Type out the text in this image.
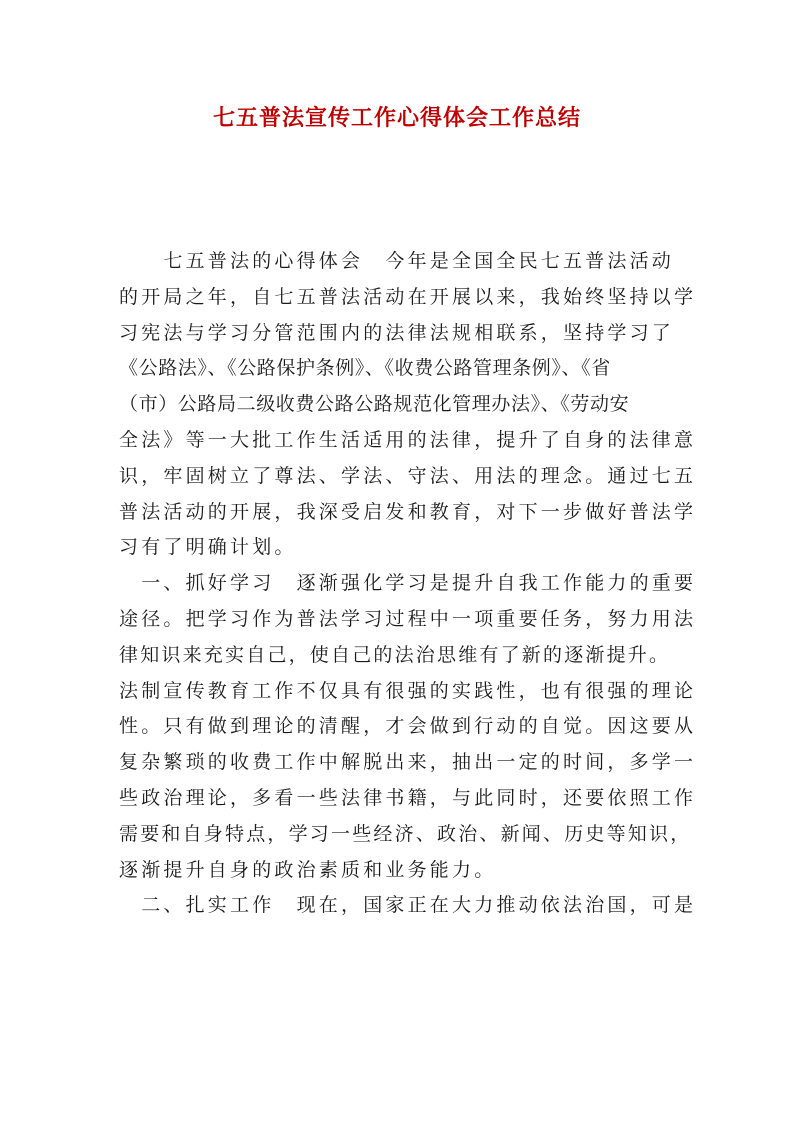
七五普法宣传工作心得体会工作总结
　　七五普法的心得体会　今年是全国全民七五普法活动
的开局之年，自七五普法活动在开展以来，我始终坚持以学
习宪法与学习分管范围内的法律法规相联系，坚持学习了
《公路法》、《公路保护条例》、《收费公路管理条例》、《省
（市）公路局二级收费公路公路规范化管理办法》、《劳动安
全法》等一大批工作生活适用的法律，提升了自身的法律意
识，牢固树立了尊法、学法、守法、用法的理念。通过七五
普法活动的开展，我深受启发和教育，对下一步做好普法学
习有了明确计划。
　一、抓好学习　逐渐强化学习是提升自我工作能力的重要
途径。把学习作为普法学习过程中一项重要任务，努力用法
律知识来充实自己，使自己的法治思维有了新的逐渐提升。
法制宣传教育工作不仅具有很强的实践性，也有很强的理论
性。只有做到理论的清醒，才会做到行动的自觉。因这要从
复杂繁琐的收费工作中解脱出来，抽出一定的时间，多学一
些政治理论，多看一些法律书籍，与此同时，还要依照工作
需要和自身特点，学习一些经济、政治、新闻、历史等知识，
逐渐提升自身的政治素质和业务能力。
　二、扎实工作　现在，国家正在大力推动依法治国，可是
